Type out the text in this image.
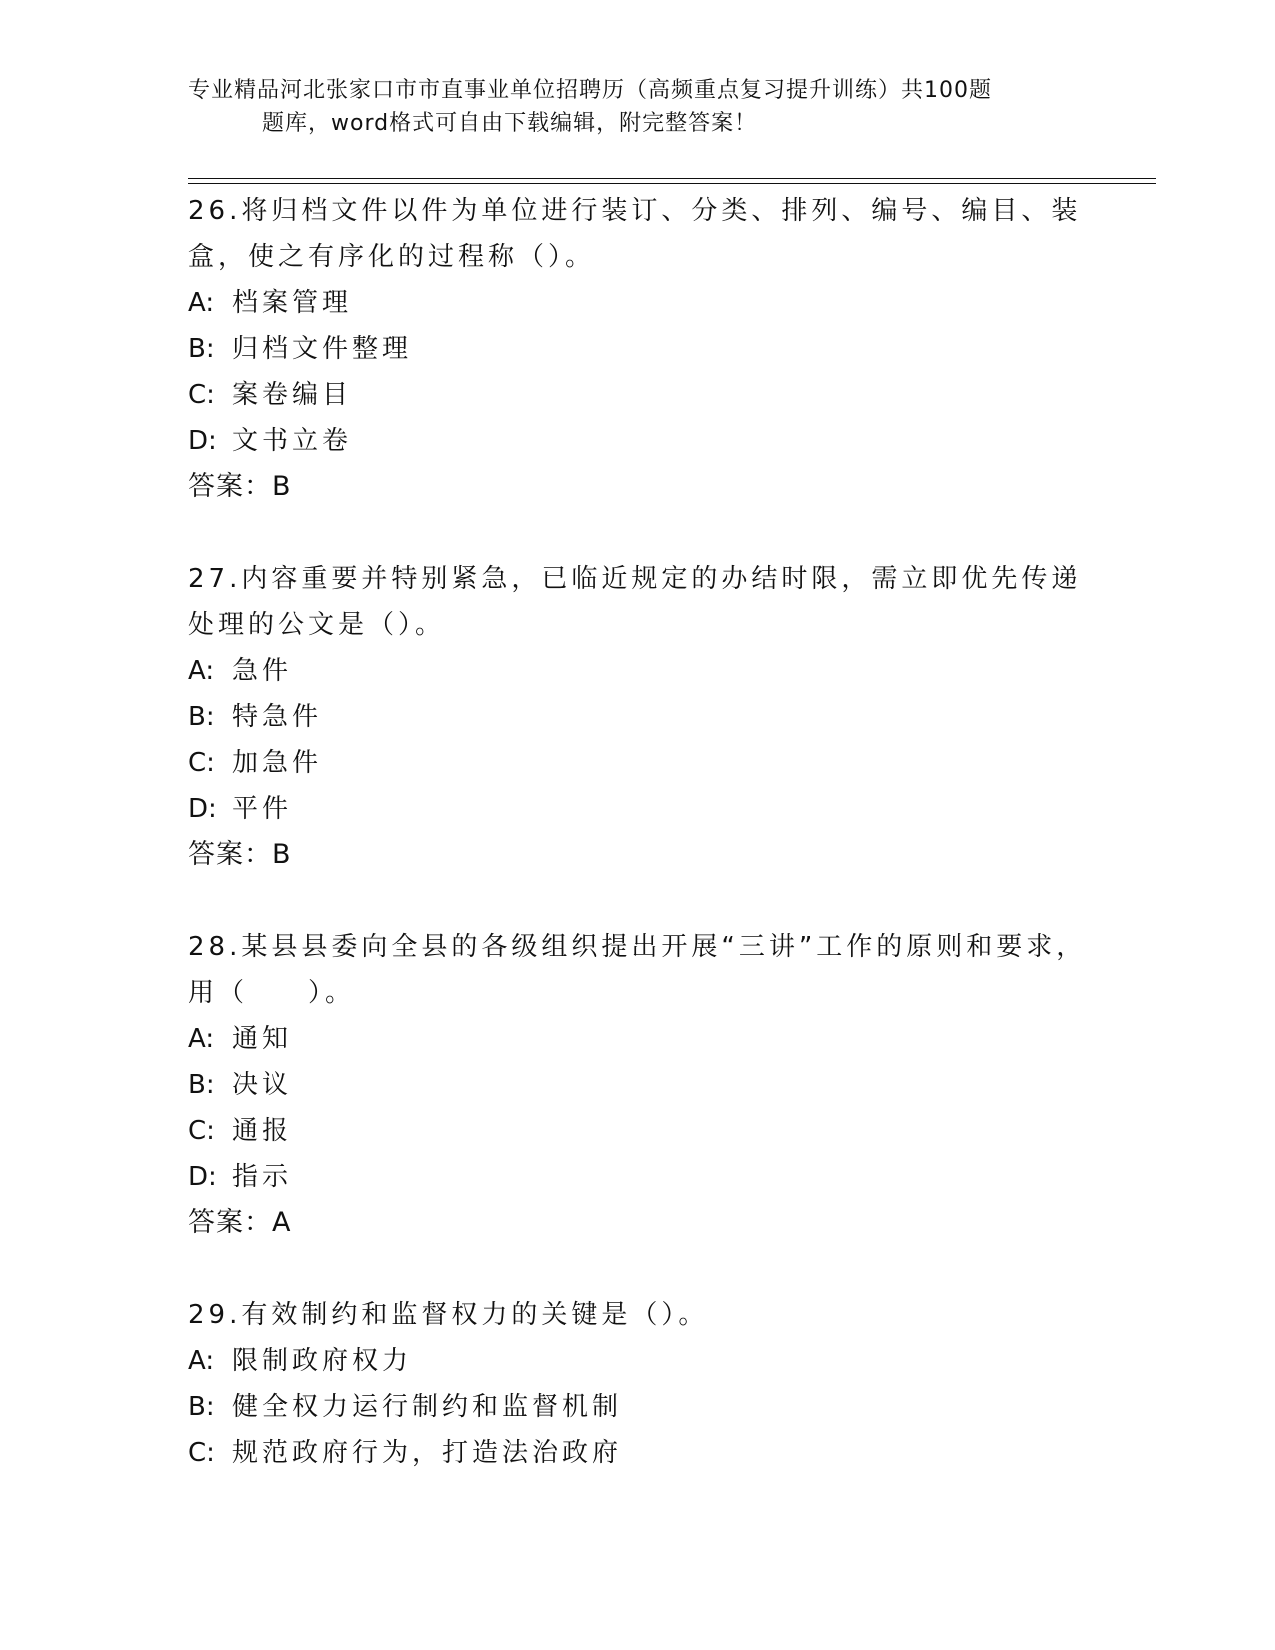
专业精品河北张家口市市直事业单位招聘历（高频重点复习提升训练）共100题
题库，word格式可自由下载编辑，附完整答案！
26.将归档文件以件为单位进行装订、分类、排列、编号、编目、装盒，使之有序化的过程称（）。
A: 档案管理
B: 归档文件整理
C: 案卷编目
D: 文书立卷
答案：B
27.内容重要并特别紧急，已临近规定的办结时限，需立即优先传递处理的公文是（）。
A: 急件
B: 特急件
C: 加急件
D: 平件
答案：B
28.某县县委向全县的各级组织提出开展“三讲”工作的原则和要求，用（　　）。
A: 通知
B: 决议
C: 通报
D: 指示
答案：A
29.有效制约和监督权力的关键是（）。
A: 限制政府权力
B: 健全权力运行制约和监督机制
C: 规范政府行为，打造法治政府
